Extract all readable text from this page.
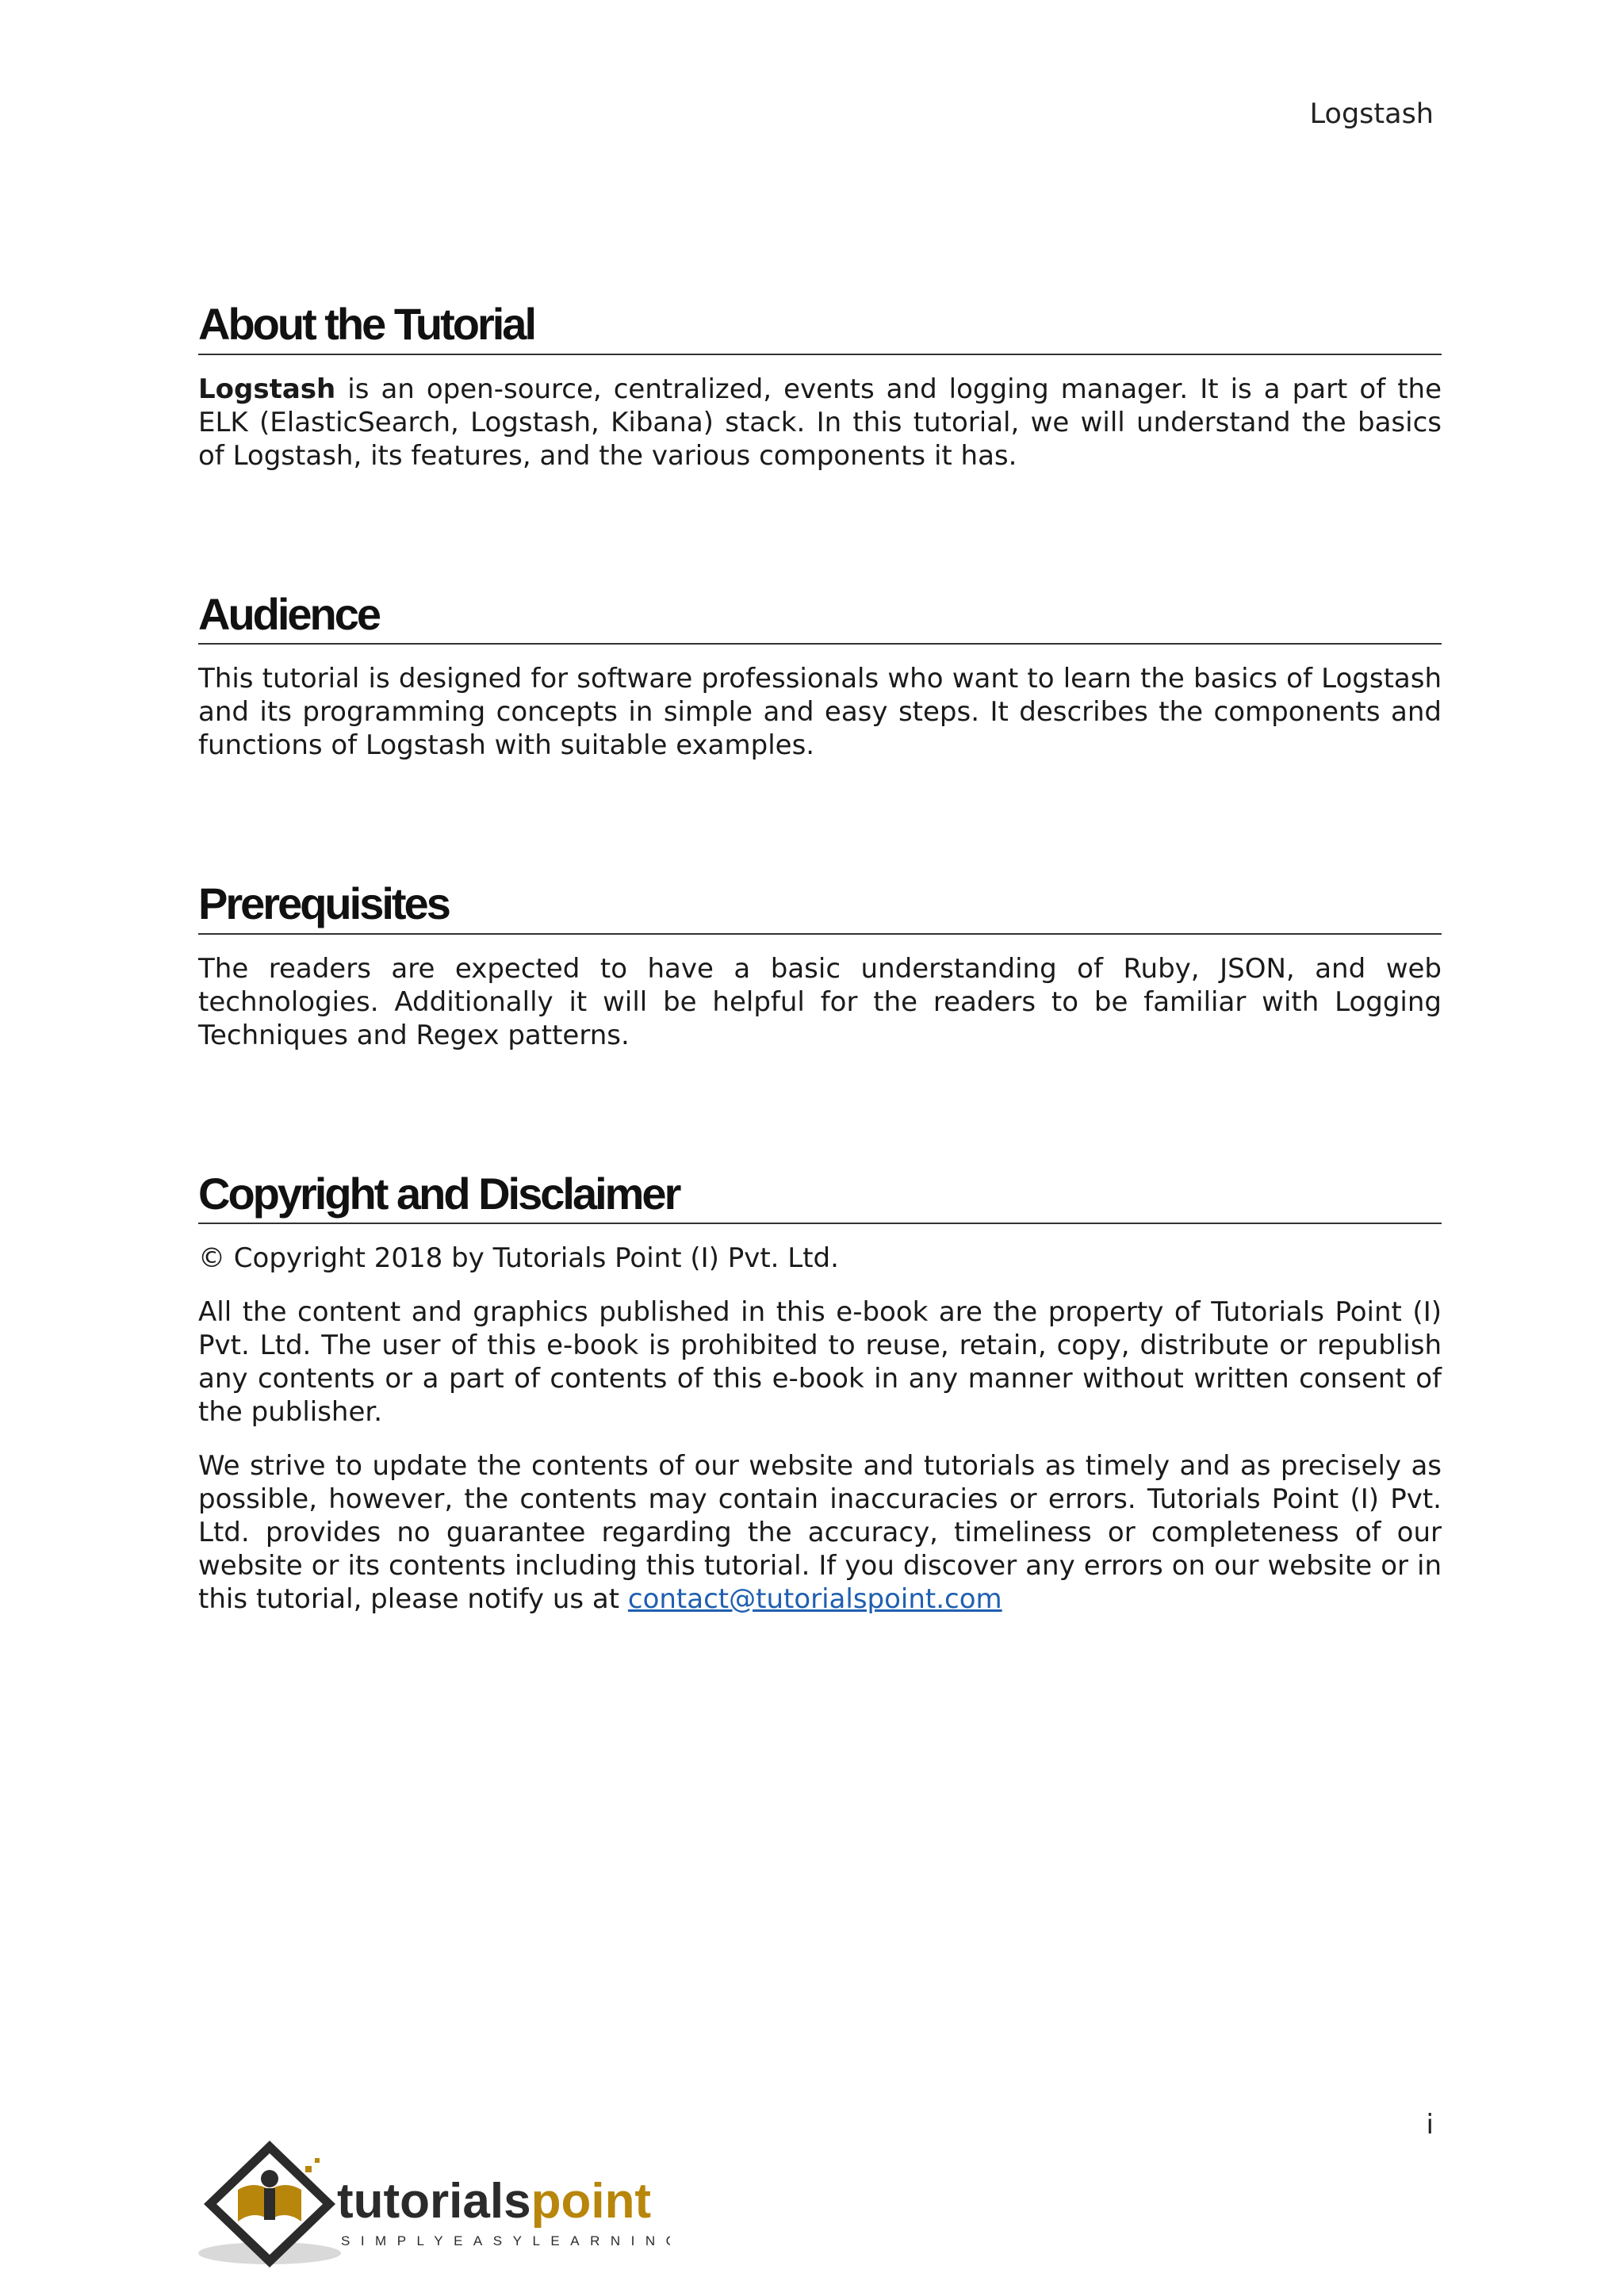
Logstash
About the Tutorial

Logstash is an open-source, centralized, events and logging manager. It is a part of the ELK (ElasticSearch, Logstash, Kibana) stack. In this tutorial, we will understand the basics of Logstash, its features, and the various components it has.

Audience

This tutorial is designed for software professionals who want to learn the basics of Logstash and its programming concepts in simple and easy steps. It describes the components and functions of Logstash with suitable examples.

Prerequisites

The readers are expected to have a basic understanding of Ruby, JSON, and web technologies. Additionally it will be helpful for the readers to be familiar with Logging Techniques and Regex patterns.

Copyright and Disclaimer

© Copyright 2018 by Tutorials Point (I) Pvt. Ltd.

All the content and graphics published in this e-book are the property of Tutorials Point (I) Pvt. Ltd. The user of this e-book is prohibited to reuse, retain, copy, distribute or republish any contents or a part of contents of this e-book in any manner without written consent of the publisher.

We strive to update the contents of our website and tutorials as timely and as precisely as possible, however, the contents may contain inaccuracies or errors. Tutorials Point (I) Pvt. Ltd. provides no guarantee regarding the accuracy, timeliness or completeness of our website or its contents including this tutorial. If you discover any errors on our website or in this tutorial, please notify us at contact@tutorialspoint.com

i
tutorialspoint
SIMPLYEASYLEARNING
